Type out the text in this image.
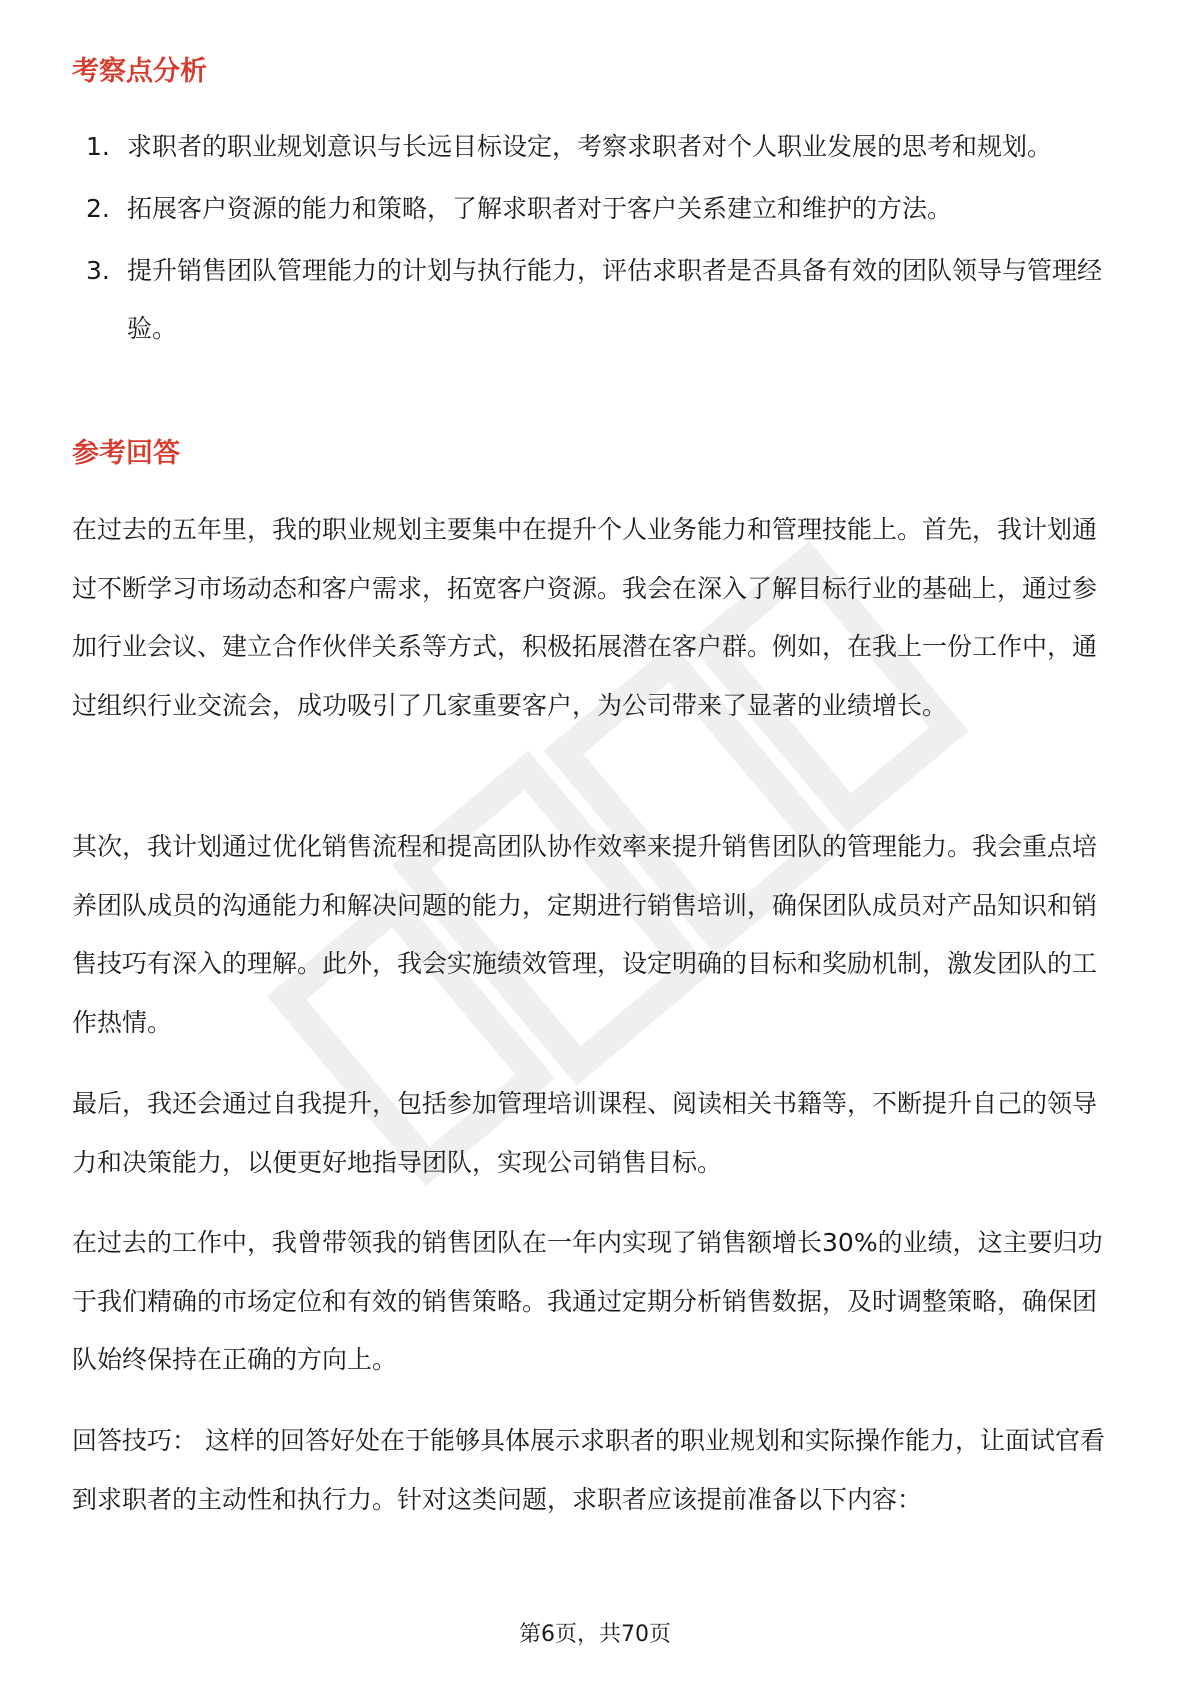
考察点分析
1. 求职者的职业规划意识与长远目标设定，考察求职者对个人职业发展的思考和规划。
2. 拓展客户资源的能力和策略，了解求职者对于客户关系建立和维护的方法。
3. 提升销售团队管理能力的计划与执行能力，评估求职者是否具备有效的团队领导与管理经验。
参考回答

在过去的五年里，我的职业规划主要集中在提升个人业务能力和管理技能上。首先，我计划通过不断学习市场动态和客户需求，拓宽客户资源。我会在深入了解目标行业的基础上，通过参加行业会议、建立合作伙伴关系等方式，积极拓展潜在客户群。例如，在我上一份工作中，通过组织行业交流会，成功吸引了几家重要客户，为公司带来了显著的业绩增长。

其次，我计划通过优化销售流程和提高团队协作效率来提升销售团队的管理能力。我会重点培养团队成员的沟通能力和解决问题的能力，定期进行销售培训，确保团队成员对产品知识和销售技巧有深入的理解。此外，我会实施绩效管理，设定明确的目标和奖励机制，激发团队的工作热情。

最后，我还会通过自我提升，包括参加管理培训课程、阅读相关书籍等，不断提升自己的领导力和决策能力，以便更好地指导团队，实现公司销售目标。

在过去的工作中，我曾带领我的销售团队在一年内实现了销售额增长30%的业绩，这主要归功于我们精确的市场定位和有效的销售策略。我通过定期分析销售数据，及时调整策略，确保团队始终保持在正确的方向上。

回答技巧： 这样的回答好处在于能够具体展示求职者的职业规划和实际操作能力，让面试官看到求职者的主动性和执行力。针对这类问题，求职者应该提前准备以下内容：

第6页，共70页
